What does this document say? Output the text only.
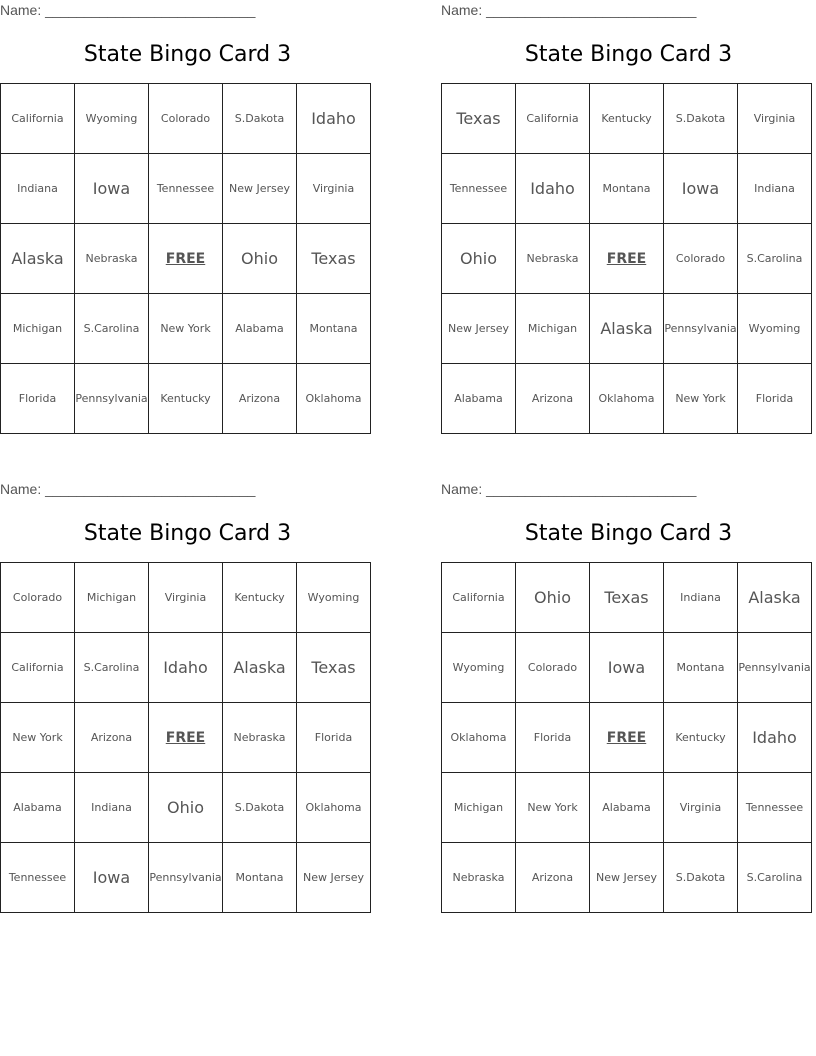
Name: ___________________________
State Bingo Card 3
California	Wyoming	Colorado	S.Dakota	Idaho
Indiana	Iowa	Tennessee	New Jersey	Virginia
Alaska	Nebraska	FREE	Ohio	Texas
Michigan	S.Carolina	New York	Alabama	Montana
Florida	Pennsylvania	Kentucky	Arizona	Oklahoma
Name: ___________________________
State Bingo Card 3
Texas	California	Kentucky	S.Dakota	Virginia
Tennessee	Idaho	Montana	Iowa	Indiana
Ohio	Nebraska	FREE	Colorado	S.Carolina
New Jersey	Michigan	Alaska	Pennsylvania	Wyoming
Alabama	Arizona	Oklahoma	New York	Florida
Name: ___________________________
State Bingo Card 3
Colorado	Michigan	Virginia	Kentucky	Wyoming
California	S.Carolina	Idaho	Alaska	Texas
New York	Arizona	FREE	Nebraska	Florida
Alabama	Indiana	Ohio	S.Dakota	Oklahoma
Tennessee	Iowa	Pennsylvania	Montana	New Jersey
Name: ___________________________
State Bingo Card 3
California	Ohio	Texas	Indiana	Alaska
Wyoming	Colorado	Iowa	Montana	Pennsylvania
Oklahoma	Florida	FREE	Kentucky	Idaho
Michigan	New York	Alabama	Virginia	Tennessee
Nebraska	Arizona	New Jersey	S.Dakota	S.Carolina
